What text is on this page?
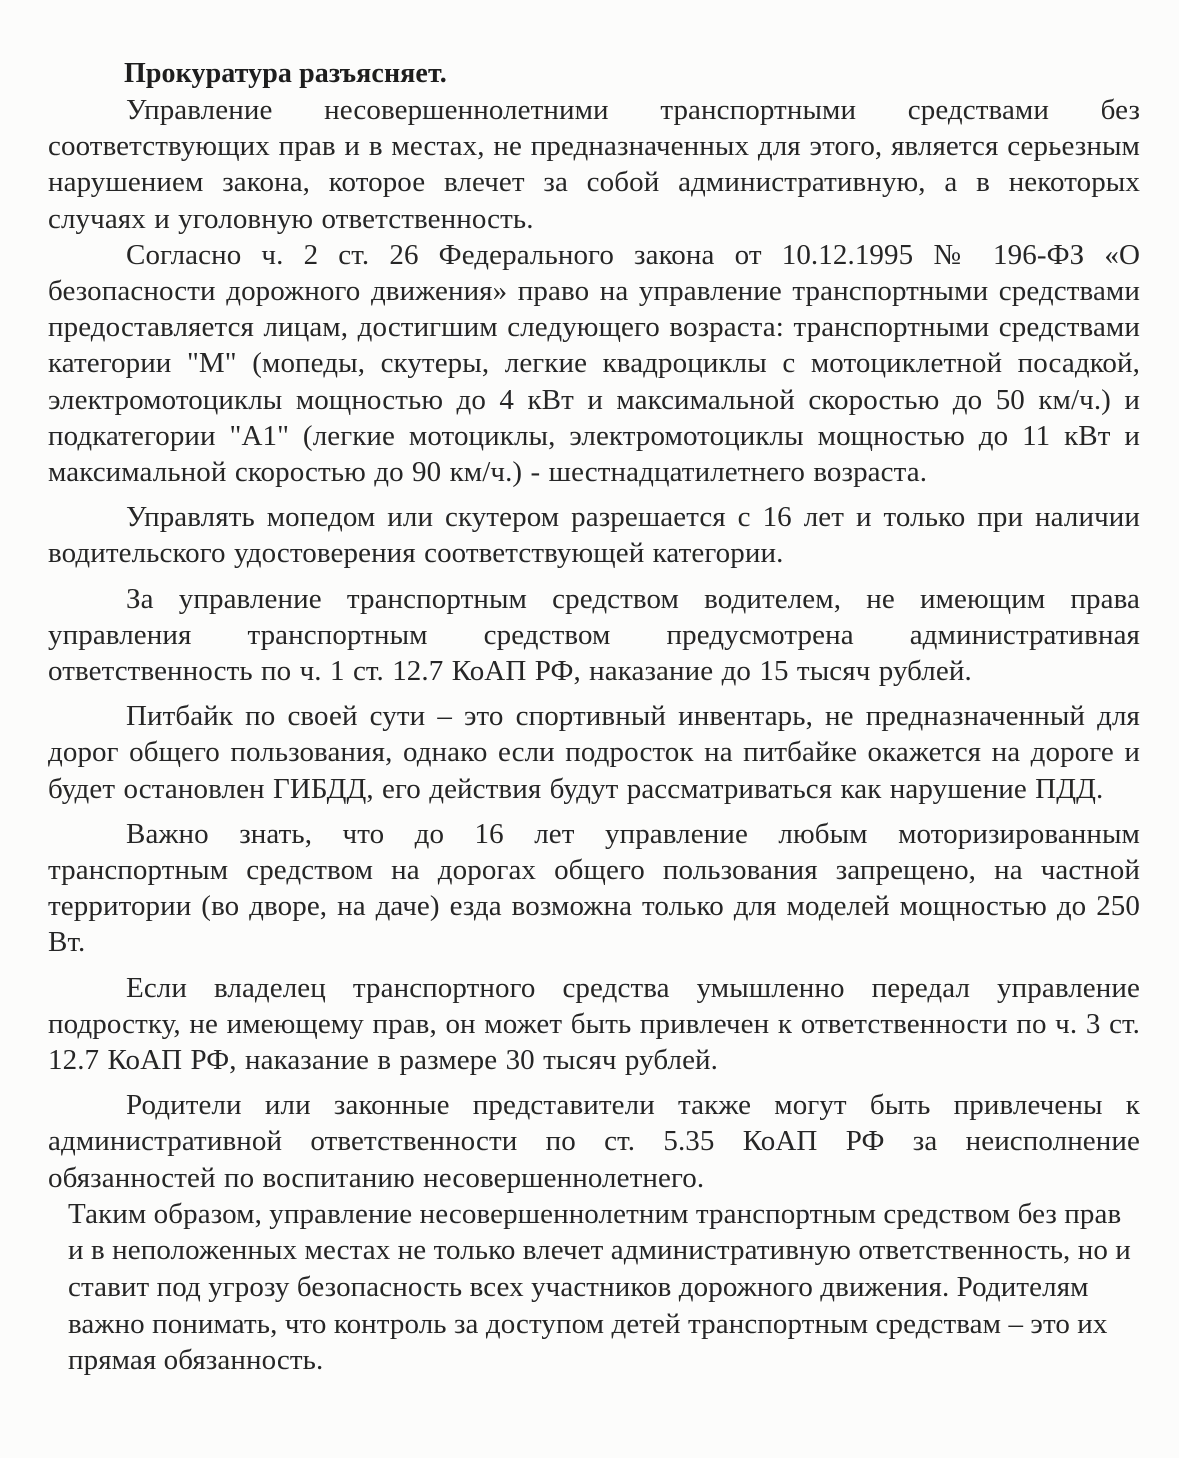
Прокуратура разъясняет.

Управление несовершеннолетними транспортными средствами без соответствующих прав и в местах, не предназначенных для этого, является серьезным нарушением закона, которое влечет за собой административную, а в некоторых случаях и уголовную ответственность.

Согласно ч. 2 ст. 26 Федерального закона от 10.12.1995 № 196-ФЗ «О безопасности дорожного движения» право на управление транспортными средствами предоставляется лицам, достигшим следующего возраста: транспортными средствами категории "М" (мопеды, скутеры, легкие квадроциклы с мотоциклетной посадкой, электромотоциклы мощностью до 4 кВт и максимальной скоростью до 50 км/ч.) и подкатегории "А1" (легкие мотоциклы, электромотоциклы мощностью до 11 кВт и максимальной скоростью до 90 км/ч.) - шестнадцатилетнего возраста.

Управлять мопедом или скутером разрешается с 16 лет и только при наличии водительского удостоверения соответствующей категории.

За управление транспортным средством водителем, не имеющим права управления транспортным средством предусмотрена административная ответственность по ч. 1 ст. 12.7 КоАП РФ, наказание до 15 тысяч рублей.

Питбайк по своей сути – это спортивный инвентарь, не предназначенный для дорог общего пользования, однако если подросток на питбайке окажется на дороге и будет остановлен ГИБДД, его действия будут рассматриваться как нарушение ПДД.

Важно знать, что до 16 лет управление любым моторизированным транспортным средством на дорогах общего пользования запрещено, на частной территории (во дворе, на даче) езда возможна только для моделей мощностью до 250 Вт.

Если владелец транспортного средства умышленно передал управление подростку, не имеющему прав, он может быть привлечен к ответственности по ч. 3 ст. 12.7 КоАП РФ, наказание в размере 30 тысяч рублей.

Родители или законные представители также могут быть привлечены к административной ответственности по ст. 5.35 КоАП РФ за неисполнение обязанностей по воспитанию несовершеннолетнего.

Таким образом, управление несовершеннолетним транспортным средством без прав и в неположенных местах не только влечет административную ответственность, но и ставит под угрозу безопасность всех участников дорожного движения. Родителям важно понимать, что контроль за доступом детей транспортным средствам – это их прямая обязанность.
